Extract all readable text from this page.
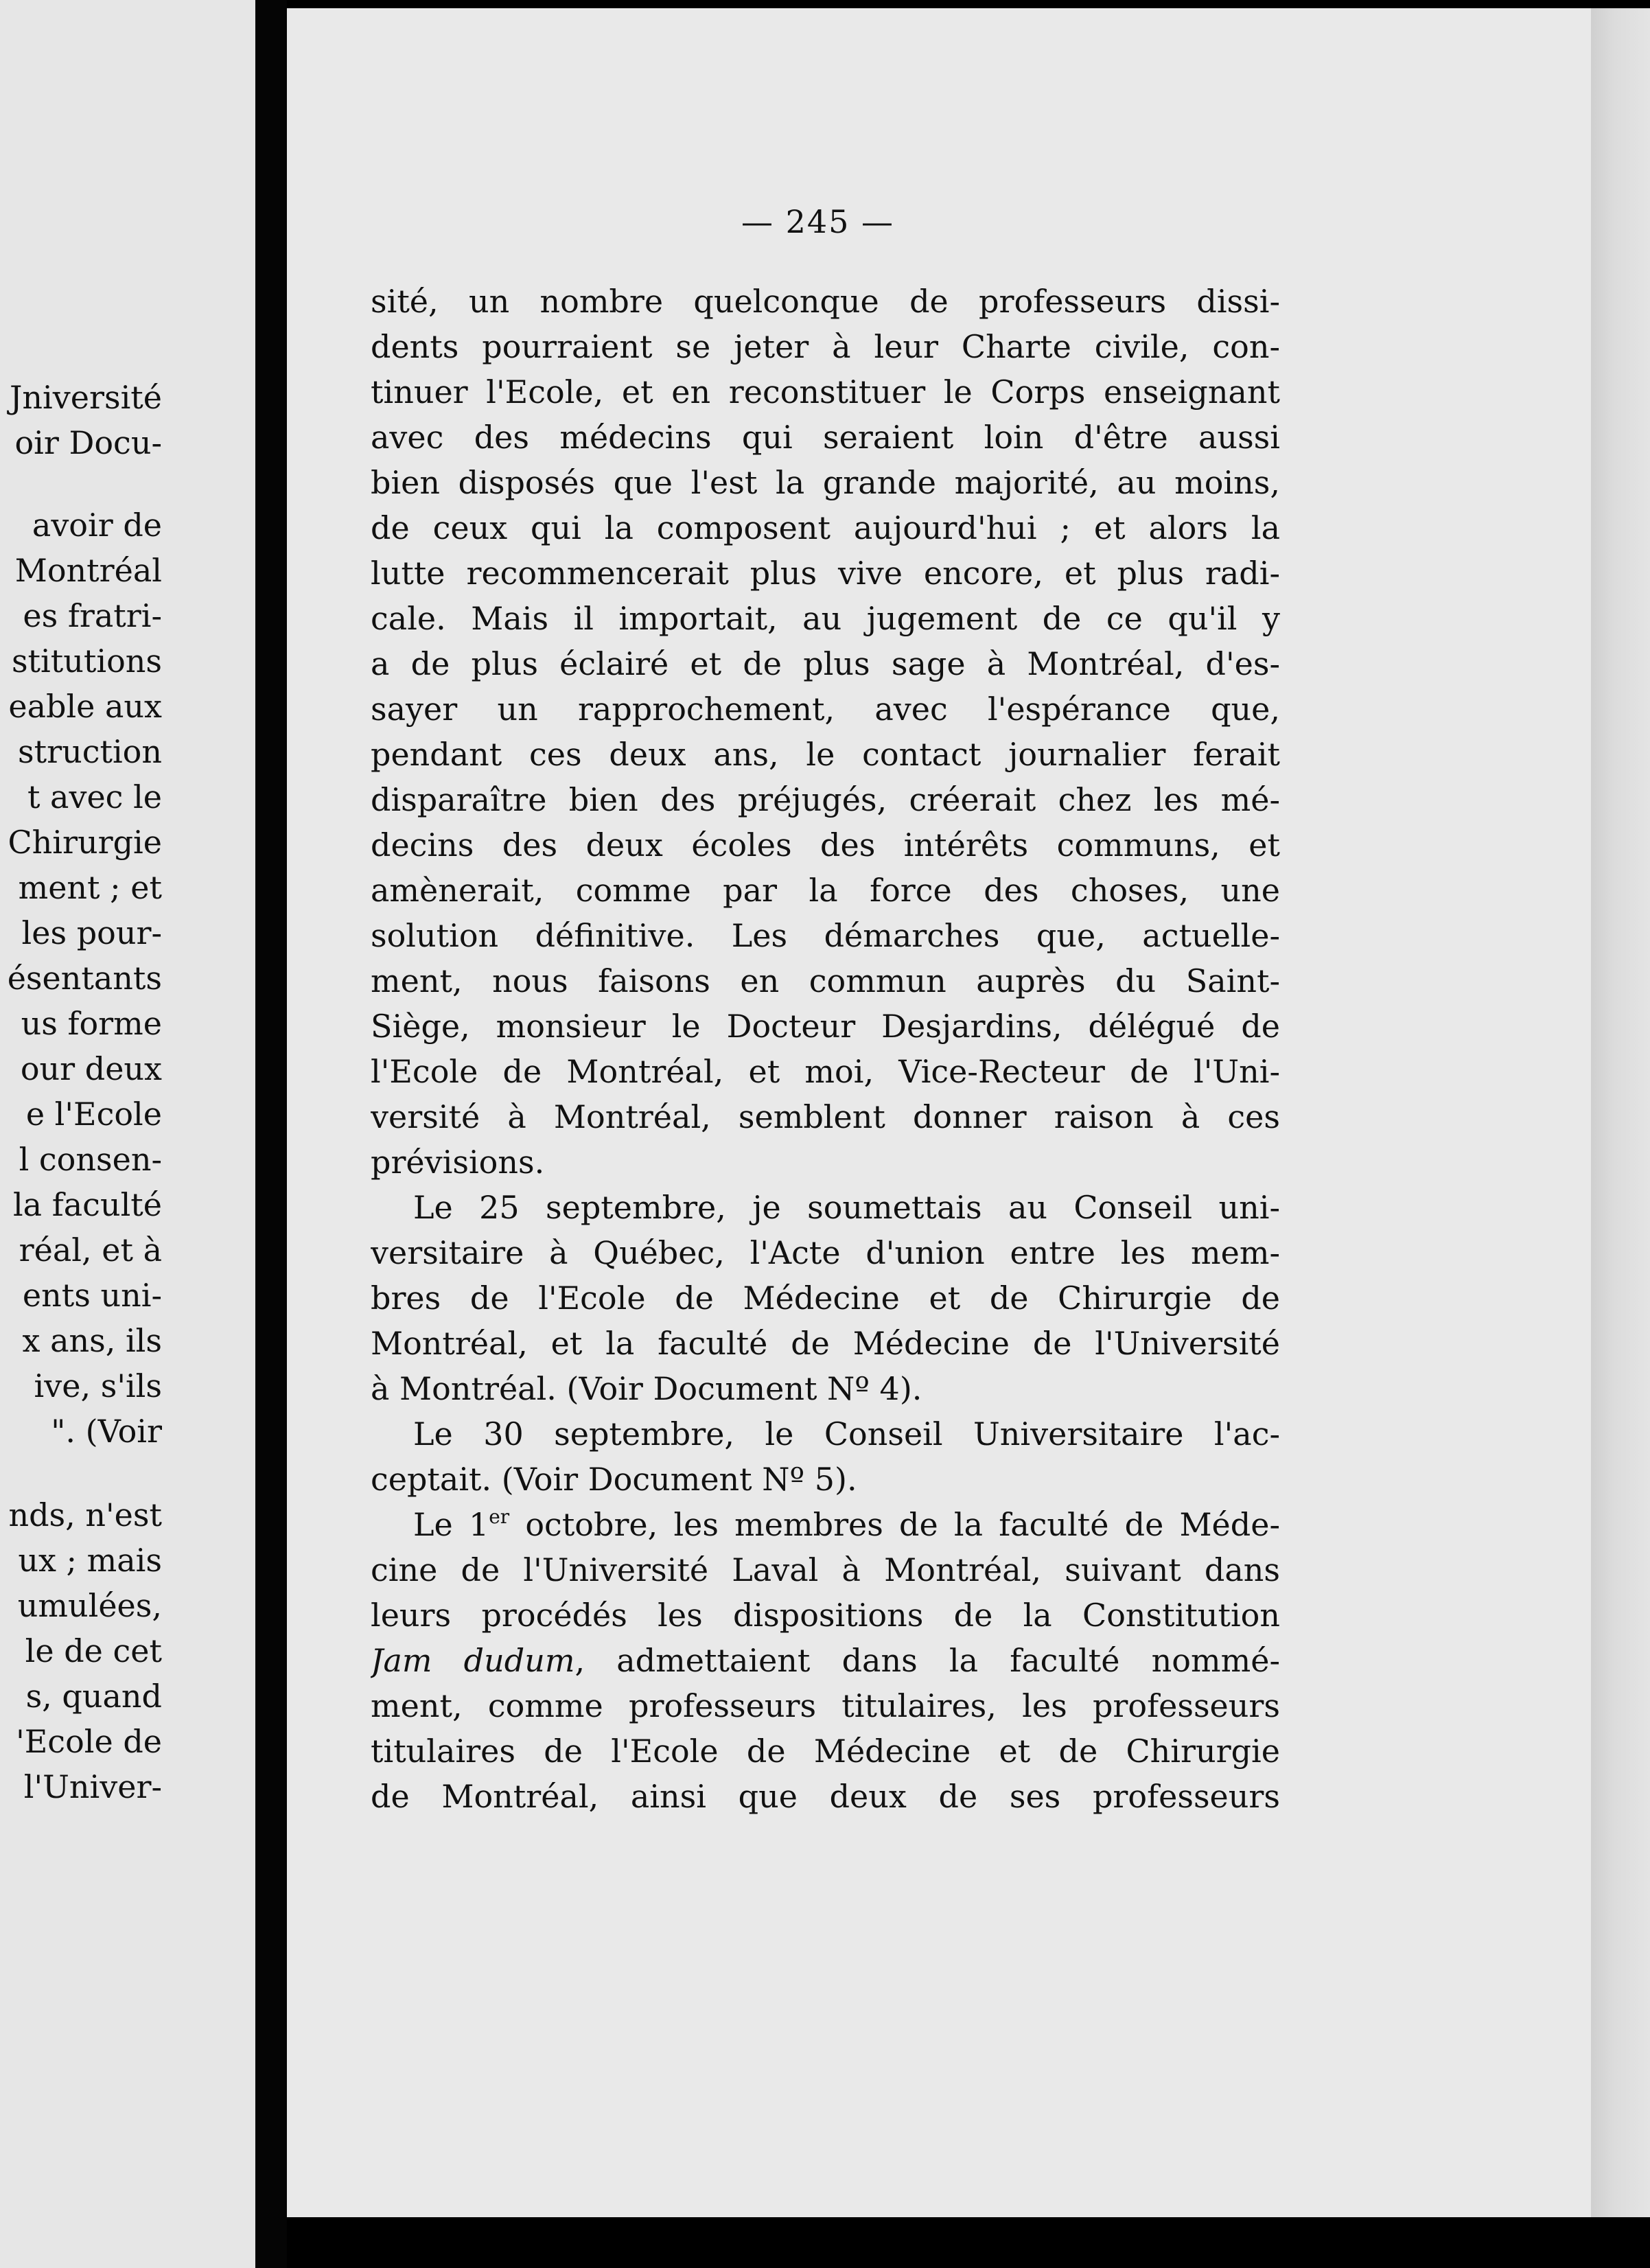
Jniversité
oir Docu-
avoir de
Montréal
es fratri-
stitutions
eable aux
struction
t avec le
Chirurgie
ment ; et
les pour-
ésentants
us forme
our deux
e l'Ecole
l consen-
la faculté
réal, et à
ents uni-
x ans, ils
ive, s'ils
". (Voir
nds, n'est
ux ; mais
umulées,
le de cet
s, quand
'Ecole de
l'Univer-
— 245 —
sité, un nombre quelconque de professeurs dissi-
dents pourraient se jeter à leur Charte civile, con-
tinuer l'Ecole, et en reconstituer le Corps enseignant
avec des médecins qui seraient loin d'être aussi
bien disposés que l'est la grande majorité, au moins,
de ceux qui la composent aujourd'hui ; et alors la
lutte recommencerait plus vive encore, et plus radi-
cale. Mais il importait, au jugement de ce qu'il y
a de plus éclairé et de plus sage à Montréal, d'es-
sayer un rapprochement, avec l'espérance que,
pendant ces deux ans, le contact journalier ferait
disparaître bien des préjugés, créerait chez les mé-
decins des deux écoles des intérêts communs, et
amènerait, comme par la force des choses, une
solution définitive. Les démarches que, actuelle-
ment, nous faisons en commun auprès du Saint-
Siège, monsieur le Docteur Desjardins, délégué de
l'Ecole de Montréal, et moi, Vice-Recteur de l'Uni-
versité à Montréal, semblent donner raison à ces
prévisions.
Le 25 septembre, je soumettais au Conseil uni-
versitaire à Québec, l'Acte d'union entre les mem-
bres de l'Ecole de Médecine et de Chirurgie de
Montréal, et la faculté de Médecine de l'Université
à Montréal. (Voir Document Nº 4).
Le 30 septembre, le Conseil Universitaire l'ac-
ceptait. (Voir Document Nº 5).
Le 1er octobre, les membres de la faculté de Méde-
cine de l'Université Laval à Montréal, suivant dans
leurs procédés les dispositions de la Constitution
Jam dudum, admettaient dans la faculté nommé-
ment, comme professeurs titulaires, les professeurs
titulaires de l'Ecole de Médecine et de Chirurgie
de Montréal, ainsi que deux de ses professeurs
